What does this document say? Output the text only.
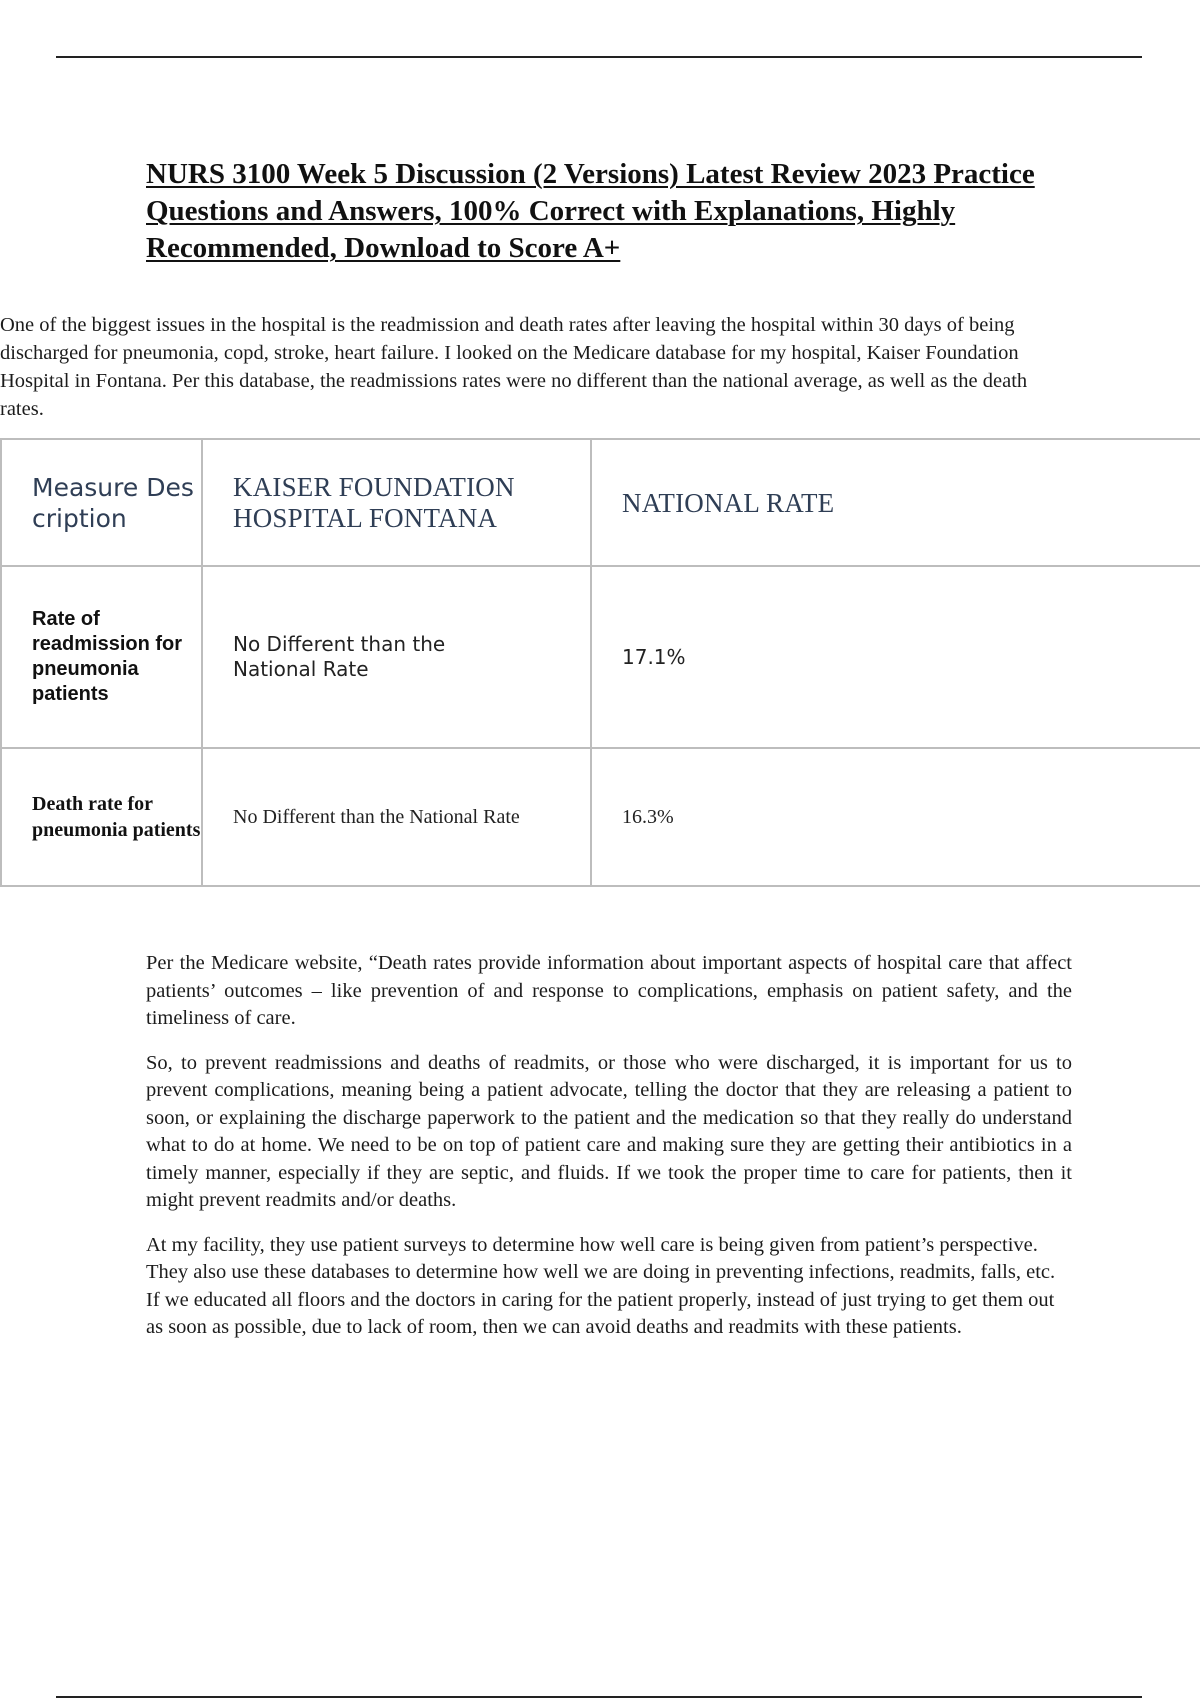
NURS 3100 Week 5 Discussion (2 Versions) Latest Review 2023 Practice Questions and Answers, 100% Correct with Explanations, Highly Recommended, Download to Score A+

One of the biggest issues in the hospital is the readmission and death rates after leaving the hospital within 30 days of being discharged for pneumonia, copd, stroke, heart failure. I looked on the Medicare database for my hospital, Kaiser Foundation Hospital in Fontana. Per this database, the readmissions rates were no different than the national average, as well as the death rates.

Measure Description	KAISER FOUNDATION HOSPITAL FONTANA	NATIONAL RATE

Rate of readmission for pneumonia patients	No Different than the National Rate	17.1%

Death rate for pneumonia patients	No Different than the National Rate	16.3%

Per the Medicare website, “Death rates provide information about important aspects of hospital care that affect patients’ outcomes – like prevention of and response to complications, emphasis on patient safety, and the timeliness of care.

So, to prevent readmissions and deaths of readmits, or those who were discharged, it is important for us to prevent complications, meaning being a patient advocate, telling the doctor that they are releasing a patient to soon, or explaining the discharge paperwork to the patient and the medication so that they really do understand what to do at home. We need to be on top of patient care and making sure they are getting their antibiotics in a timely manner, especially if they are septic, and fluids. If we took the proper time to care for patients, then it might prevent readmits and/or deaths.

At my facility, they use patient surveys to determine how well care is being given from patient’s perspective. They also use these databases to determine how well we are doing in preventing infections, readmits, falls, etc. If we educated all floors and the doctors in caring for the patient properly, instead of just trying to get them out as soon as possible, due to lack of room, then we can avoid deaths and readmits with these patients.
